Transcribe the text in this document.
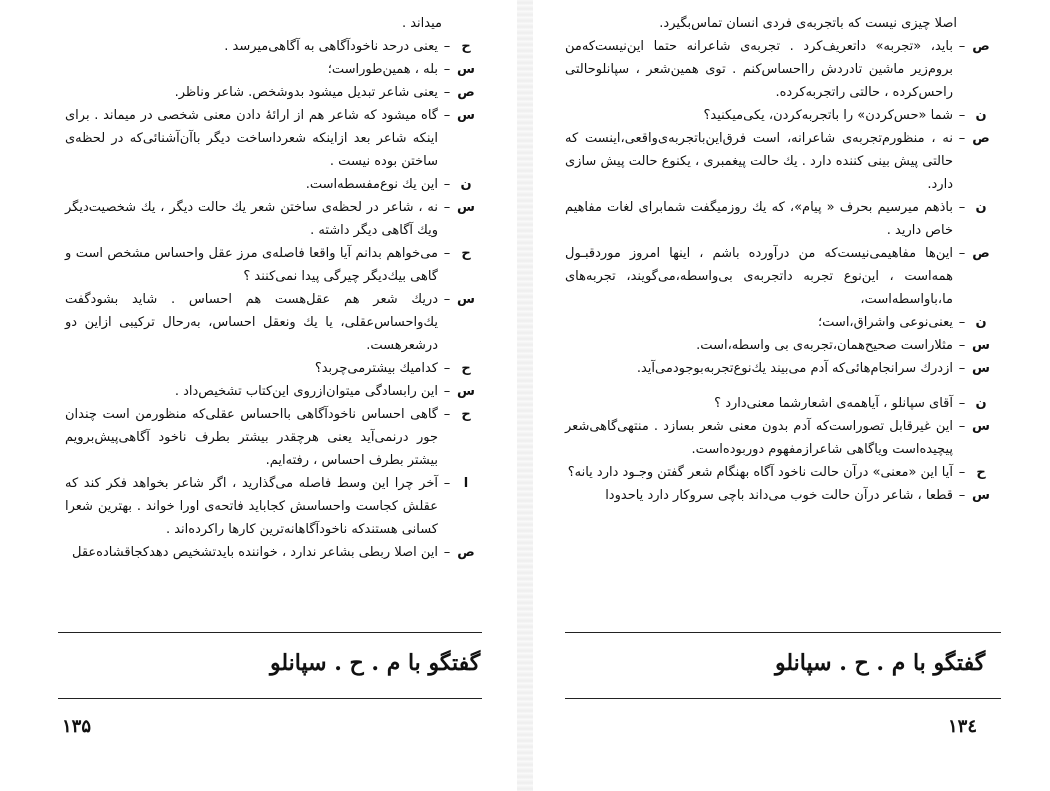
میداند .
ح
–
یعنی درحد ناخودآگاهی به آگاهی‌میرسد .
س
–
بله ، همین‌طوراست؛
ص
–
یعنی شاعر تبدیل میشود بدوشخص. شاعر وناظر.
س
–
گاه میشود که شاعر هم از ارائهٔ دادن معنی شخصی در میماند . برای اینکه شاعر بعد ازاینکه شعرداساخت دیگر باآن‌آشنائی‌که در لحظه‌ی ساختن بوده نیست .
ن
–
این یك نوع‌مفسطه‌است.
س
–
نه ، شاعر در لحظه‌ی ساختن شعر یك حالت دیگر ، یك شخصیت‌دیگر ویك آگاهی دیگر داشته .
ح
–
می‌خواهم بدانم آیا واقعا فاصله‌ی مرز عقل واحساس مشخص است و گاهی بیك‌دیگر چیرگی پیدا نمی‌کنند ؟
س
–
دریك شعر هم عقل‌هست هم احساس . شاید بشودگفت یك‌واحساس‌عقلی، یا یك ونعقل احساس، به‌رحال ترکیبی ازاین دو درشعرهست.
ح
–
کدامیك بیشتر‌می‌چربد؟
س
–
این رابسادگی میتوان‌ازروی این‌کتاب تشخیص‌داد .
ح
–
گاهی احساس ناخودآگاهی با‌احساس عقلی‌که ‌منظورمن است چندان جور درنمی‌آید یعنی هرچقدر بیشتر بطرف ناخود آگاهی‌پیش‌برویم بیشتر بطرف احساس ، رفته‌ایم.
ا
–
آخر چرا این وسط فاصله می‌گذارید ، اگر شاعر بخواهد فکر کند که عقلش کجاست واحساسش کجاباید فاتحه‌ی اورا خواند . بهترین شعرا کسانی هستندکه ناخودآگاهانه‌ترین کارها راکرده‌اند .
ص
–
این اصلا ربطی بشاعر ندارد ، خواننده بایدتشخیص دهدکجاقشاده‌عقل
گفتگو با م . ح . سپانلو
۱۳۵
اصلا چیزی نیست که باتجربه‌ی فردی انسان تماس‌بگیرد.
ص
–
باید، «تجربه» داتعریف‌کرد . تجربه‌ی شاعرانه حتما این‌نیست‌که‌من بروم‌زیر ماشین تادردش رااحساس‌کنم . توی همین‌شعر ، سپانلوحالتی راحس‌کرده ، حالتی راتجربه‌کرده.
ن
–
شما «حس‌کردن» را باتجربه‌کردن، یکی‌میکنید؟
ص
–
نه ، منظورم‌تجربه‌ی شاعرانه، است فرق‌این‌باتجربه‌ی‌واقعی،اینست که حالتی پیش بینی کننده دارد . یك حالت پیغمبری ، یکنوع حالت پیش سازی دارد.
ن
–
باذهم میرسیم بحرف « پیام»، که یك روزمیگفت شما‌برای لغات مفاهیم خاص دارید .
ص
–
این‌ها مفاهیمی‌نیست‌که من درآورده باشم ، اینها امروز موردقبـول همه‌است ، این‌نوع تجربه داتجربه‌ی بی‌واسطه،می‌گویند، تجربه‌های ما،باواسطه‌است،
ن
–
یعنی‌نوعی واشراق،‌است؛
س
–
مثلاراست صحیح‌همان‌،تجربه‌ی بی واسطه،است.
س
–
ازدرك سرانجام‌هائی‌که آدم می‌بیند یك‌نوع‌تجربه‌بوجودمی‌آید.
ن
–
آقای سپانلو ، آیاهمه‌ی اشعارشما معنی‌دارد ؟
س
–
این غیرقابل تصوراست‌که آدم بدون معنی شعر بسازد . منتهی‌گاهی‌شعر پیچیده‌است ویاگاهی شاعرازمفهوم دوربوده‌است.
ح
–
آیا این «معنی» درآن حالت ناخود آگاه بهنگام شعر گفتن وجـود دارد یانه؟
س
–
قطعا ، شاعر درآن حالت خوب می‌داند باچی سروکار دارد یاحدودا
گفتگو با م . ح . سپانلو
۱۳٤
